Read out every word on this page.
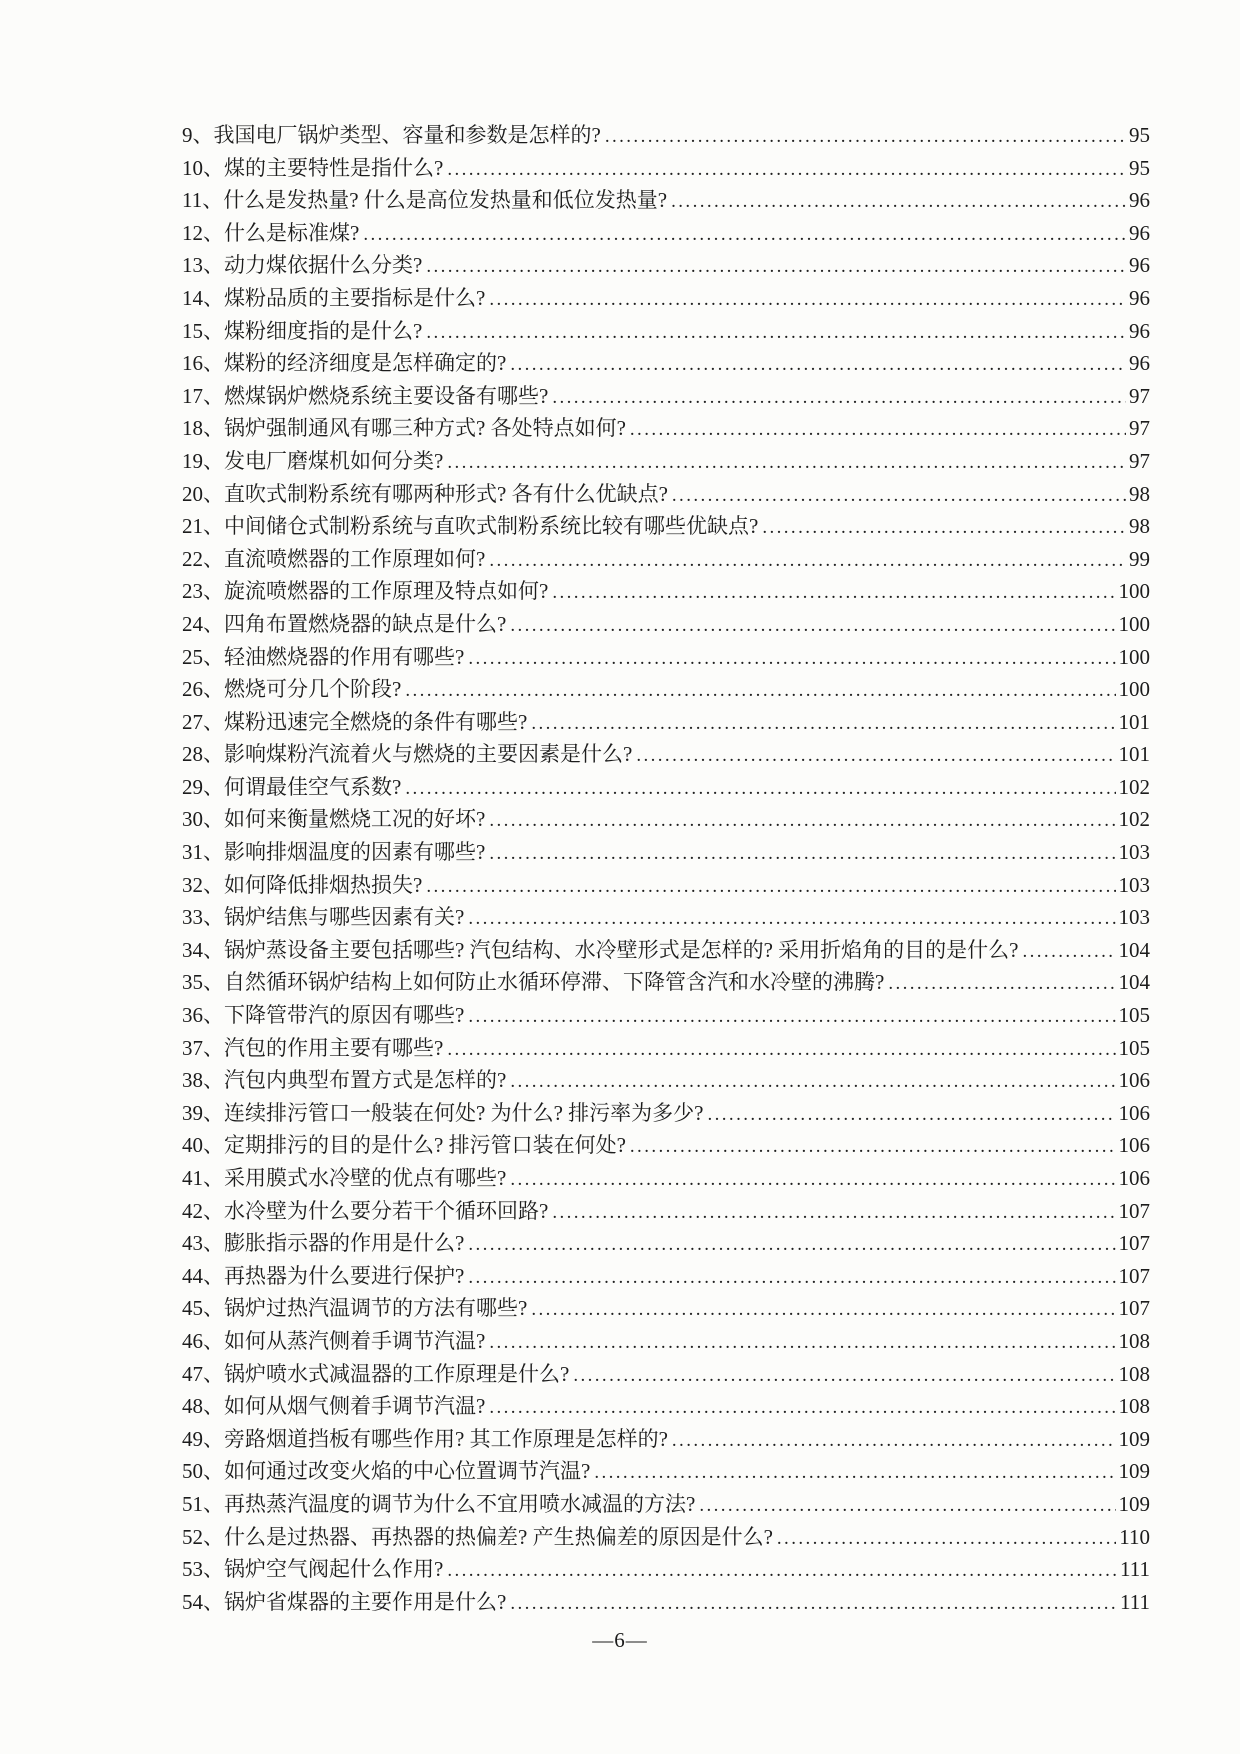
9、 我国电厂锅炉类型、容量和参数是怎样的? .....	95
10、 煤的主要特性是指什么? .....	95
11、 什么是发热量? 什么是高位发热量和低位发热量? .....	96
12、 什么是标准煤? .....	96
13、 动力煤依据什么分类? .....	96
14、 煤粉品质的主要指标是什么? .....	96
15、 煤粉细度指的是什么? .....	96
16、 煤粉的经济细度是怎样确定的? .....	96
17、 燃煤锅炉燃烧系统主要设备有哪些? .....	97
18、 锅炉强制通风有哪三种方式? 各处特点如何? .....	97
19、 发电厂磨煤机如何分类? .....	97
20、 直吹式制粉系统有哪两种形式? 各有什么优缺点? .....	98
21、 中间储仓式制粉系统与直吹式制粉系统比较有哪些优缺点? .....	98
22、 直流喷燃器的工作原理如何? .....	99
23、 旋流喷燃器的工作原理及特点如何? .....	100
24、 四角布置燃烧器的缺点是什么? .....	100
25、 轻油燃烧器的作用有哪些? .....	100
26、 燃烧可分几个阶段? .....	100
27、 煤粉迅速完全燃烧的条件有哪些? .....	101
28、 影响煤粉汽流着火与燃烧的主要因素是什么? .....	101
29、 何谓最佳空气系数? .....	102
30、 如何来衡量燃烧工况的好坏? .....	102
31、 影响排烟温度的因素有哪些? .....	103
32、 如何降低排烟热损失? .....	103
33、 锅炉结焦与哪些因素有关? .....	103
34、 锅炉蒸设备主要包括哪些? 汽包结构、水冷壁形式是怎样的? 采用折焰角的目的是什么? .....	104
35、 自然循环锅炉结构上如何防止水循环停滞、下降管含汽和水冷壁的沸腾? .....	104
36、 下降管带汽的原因有哪些? .....	105
37、 汽包的作用主要有哪些? .....	105
38、 汽包内典型布置方式是怎样的? .....	106
39、 连续排污管口一般装在何处? 为什么? 排污率为多少? .....	106
40、 定期排污的目的是什么? 排污管口装在何处? .....	106
41、 采用膜式水冷壁的优点有哪些? .....	106
42、 水冷壁为什么要分若干个循环回路? .....	107
43、 膨胀指示器的作用是什么? .....	107
44、 再热器为什么要进行保护? .....	107
45、 锅炉过热汽温调节的方法有哪些? .....	107
46、 如何从蒸汽侧着手调节汽温? .....	108
47、 锅炉喷水式减温器的工作原理是什么? .....	108
48、 如何从烟气侧着手调节汽温? .....	108
49、 旁路烟道挡板有哪些作用? 其工作原理是怎样的? .....	109
50、 如何通过改变火焰的中心位置调节汽温? .....	109
51、 再热蒸汽温度的调节为什么不宜用喷水减温的方法? .....	109
52、 什么是过热器、再热器的热偏差? 产生热偏差的原因是什么? .....	110
53、 锅炉空气阀起什么作用? .....	111
54、 锅炉省煤器的主要作用是什么? .....	111
—6—
